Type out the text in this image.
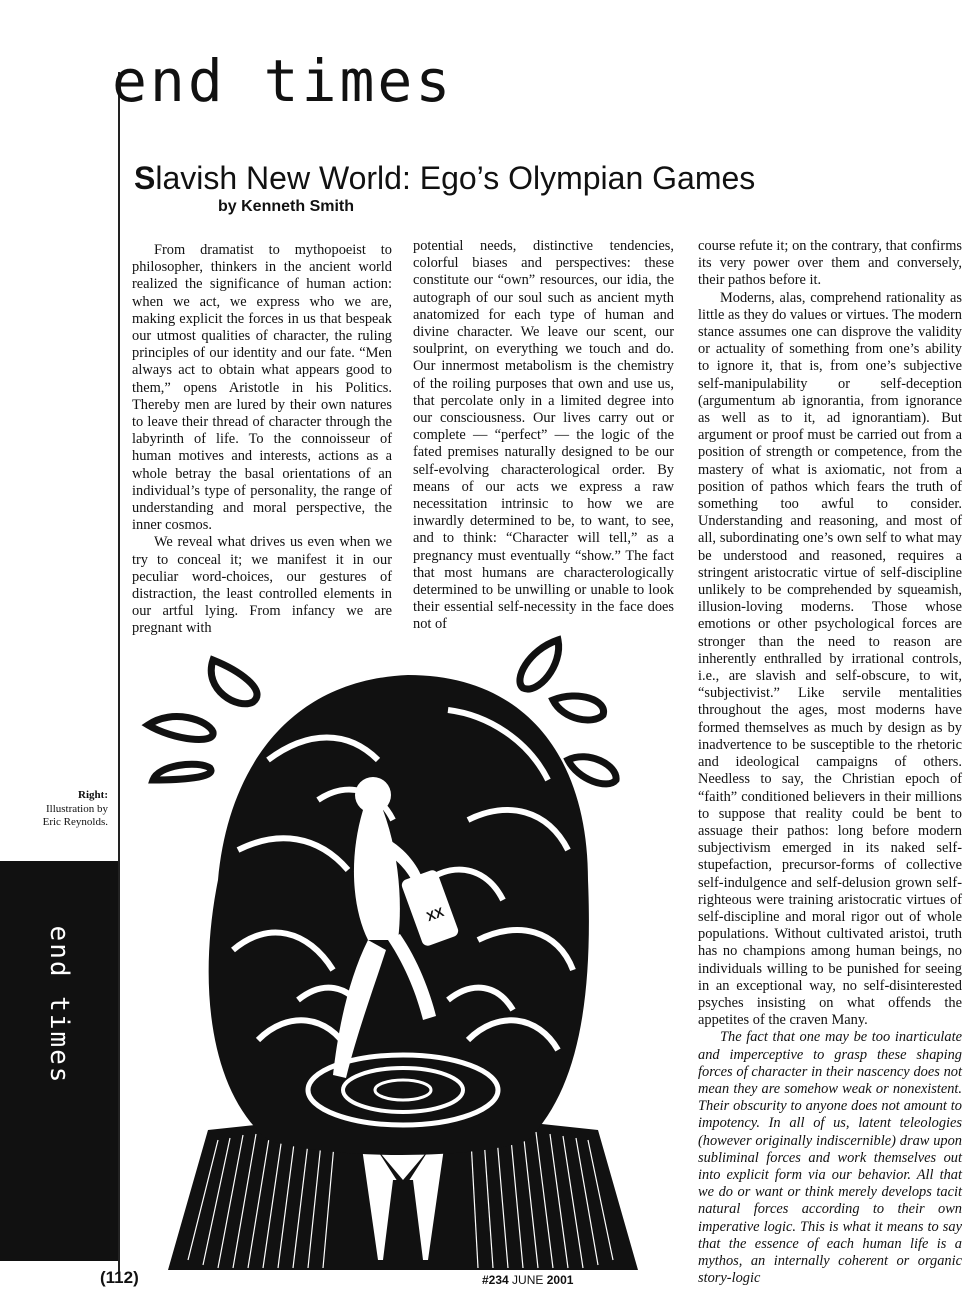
end times
Slavish New World: Ego’s Olympian Games
by Kenneth Smith

From dramatist to mythopoeist to philosopher, thinkers in the ancient world realized the significance of human action: when we act, we express who we are, making explicit the forces in us that bespeak our utmost qualities of character, the ruling principles of our identity and our fate. “Men always act to obtain what appears good to them,” opens Aristotle in his Politics. Thereby men are lured by their own natures to leave their thread of character through the labyrinth of life. To the connoisseur of human motives and interests, actions as a whole betray the basal orientations of an individual’s type of personality, the range of understanding and moral perspective, the inner cosmos.

We reveal what drives us even when we try to conceal it; we manifest it in our peculiar word-choices, our gestures of distraction, the least controlled elements in our artful lying. From infancy we are pregnant with

potential needs, distinctive tendencies, colorful biases and perspectives: these constitute our “own” resources, our idia, the autograph of our soul such as ancient myth anatomized for each type of human and divine character. We leave our scent, our soulprint, on everything we touch and do. Our innermost metabolism is the chemistry of the roiling purposes that own and use us, that percolate only in a limited degree into our consciousness. Our lives carry out or complete — “perfect” — the logic of the fated premises naturally designed to be our self-evolving characterological order. By means of our acts we express a raw necessitation intrinsic to how we are inwardly determined to be, to want, to see, and to think: “Character will tell,” as a pregnancy must eventually “show.” The fact that most humans are characterologically determined to be unwilling or unable to look their essential self-necessity in the face does not of

course refute it; on the contrary, that confirms its very power over them and conversely, their pathos before it.

Moderns, alas, comprehend rationality as little as they do values or virtues. The modern stance assumes one can disprove the validity or actuality of something from one’s ability to ignore it, that is, from one’s subjective self-manipulability or self-deception (argumentum ab ignorantia, from ignorance as well as to it, ad ignorantiam). But argument or proof must be carried out from a position of strength or competence, from the mastery of what is axiomatic, not from a position of pathos which fears the truth of something too awful to consider. Understanding and reasoning, and most of all, subordinating one’s own self to what may be understood and reasoned, requires a stringent aristocratic virtue of self-discipline unlikely to be comprehended by squeamish, illusion-loving moderns. Those whose emotions or other psychological forces are stronger than the need to reason are inherently enthralled by irrational controls, i.e., are slavish and self-obscure, to wit, “subjectivist.” Like servile mentalities throughout the ages, most moderns have formed themselves as much by design as by inadvertence to be susceptible to the rhetoric and ideological campaigns of others. Needless to say, the Christian epoch of “faith” conditioned believers in their millions to suppose that reality could be bent to assuage their pathos: long before modern subjectivism emerged in its naked self-stupefaction, precursor-forms of collective self-indulgence and self-delusion grown self-righteous were training aristocratic virtues of self-discipline and moral rigor out of whole populations. Without cultivated aristoi, truth has no champions among human beings, no individuals willing to be punished for seeing in an exceptional way, no self-disinterested psyches insisting on what offends the appetites of the craven Many.

The fact that one may be too inarticulate and imperceptive to grasp these shaping forces of character in their nascency does not mean they are somehow weak or nonexistent. Their obscurity to anyone does not amount to impotency. In all of us, latent teleologies (however originally indiscernible) draw upon subliminal forces and work themselves out into explicit form via our behavior. All that we do or want or think merely develops tacit natural forces according to their own imperative logic. This is what it means to say that the essence of each human life is a mythos, an internally coherent or organic story-logic

Right:
Illustration by
Eric Reynolds.
end times
XX
(112)	#234 JUNE 2001
